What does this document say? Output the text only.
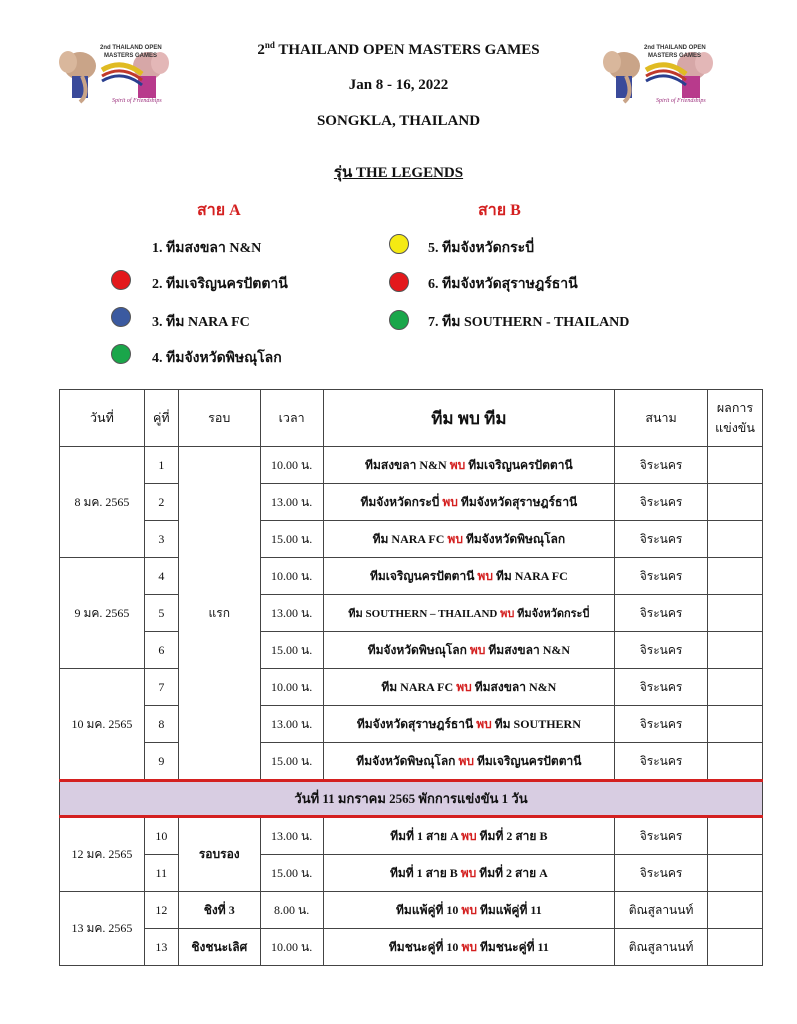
2nd THAILAND OPEN
MASTERS GAMES
Spirit of Friendships
2nd THAILAND OPEN
MASTERS GAMES
Spirit of Friendships
2nd THAILAND OPEN MASTERS GAMES
Jan 8 - 16, 2022
SONGKLA, THAILAND
รุ่น THE LEGENDS
สาย A	สาย B
1. ทีมสงขลา N&N
2. ทีมเจริญนครปัตตานี
3. ทีม NARA FC
4. ทีมจังหวัดพิษณุโลก
5. ทีมจังหวัดกระบี่
6. ทีมจังหวัดสุราษฎร์ธานี
7. ทีม SOUTHERN - THAILAND
วันที่	คู่ที่	รอบ	เวลา	ทีม พบ ทีม	สนาม	ผลการ
แข่งขัน
8 มค. 2565	1	แรก	10.00 น.	ทีมสงขลา N&N พบ ทีมเจริญนครปัตตานี	จิระนคร	
	2		13.00 น.	ทีมจังหวัดกระบี่ พบ ทีมจังหวัดสุราษฎร์ธานี	จิระนคร	
	3		15.00 น.	ทีม NARA FC พบ ทีมจังหวัดพิษณุโลก	จิระนคร	
9 มค. 2565	4		10.00 น.	ทีมเจริญนครปัตตานี พบ ทีม NARA FC	จิระนคร	
	5		13.00 น.	ทีม SOUTHERN – THAILAND พบ ทีมจังหวัดกระบี่	จิระนคร	
	6		15.00 น.	ทีมจังหวัดพิษณุโลก พบ ทีมสงขลา N&N	จิระนคร	
10 มค. 2565	7		10.00 น.	ทีม NARA FC พบ ทีมสงขลา N&N	จิระนคร	
	8		13.00 น.	ทีมจังหวัดสุราษฎร์ธานี พบ ทีม SOUTHERN	จิระนคร	
	9		15.00 น.	ทีมจังหวัดพิษณุโลก พบ ทีมเจริญนครปัตตานี	จิระนคร	
วันที่ 11 มกราคม 2565 พักการแข่งขัน 1 วัน						
12 มค. 2565	10	รอบรอง	13.00 น.	ทีมที่ 1 สาย A พบ ทีมที่ 2 สาย B	จิระนคร	
	11		15.00 น.	ทีมที่ 1 สาย B พบ ทีมที่ 2 สาย A	จิระนคร	
13 มค. 2565	12	ชิงที่ 3	8.00 น.	ทีมแพ้คู่ที่ 10 พบ ทีมแพ้คู่ที่ 11	ติณสูลานนท์	
	13	ชิงชนะเลิศ	10.00 น.	ทีมชนะคู่ที่ 10 พบ ทีมชนะคู่ที่ 11	ติณสูลานนท์	
